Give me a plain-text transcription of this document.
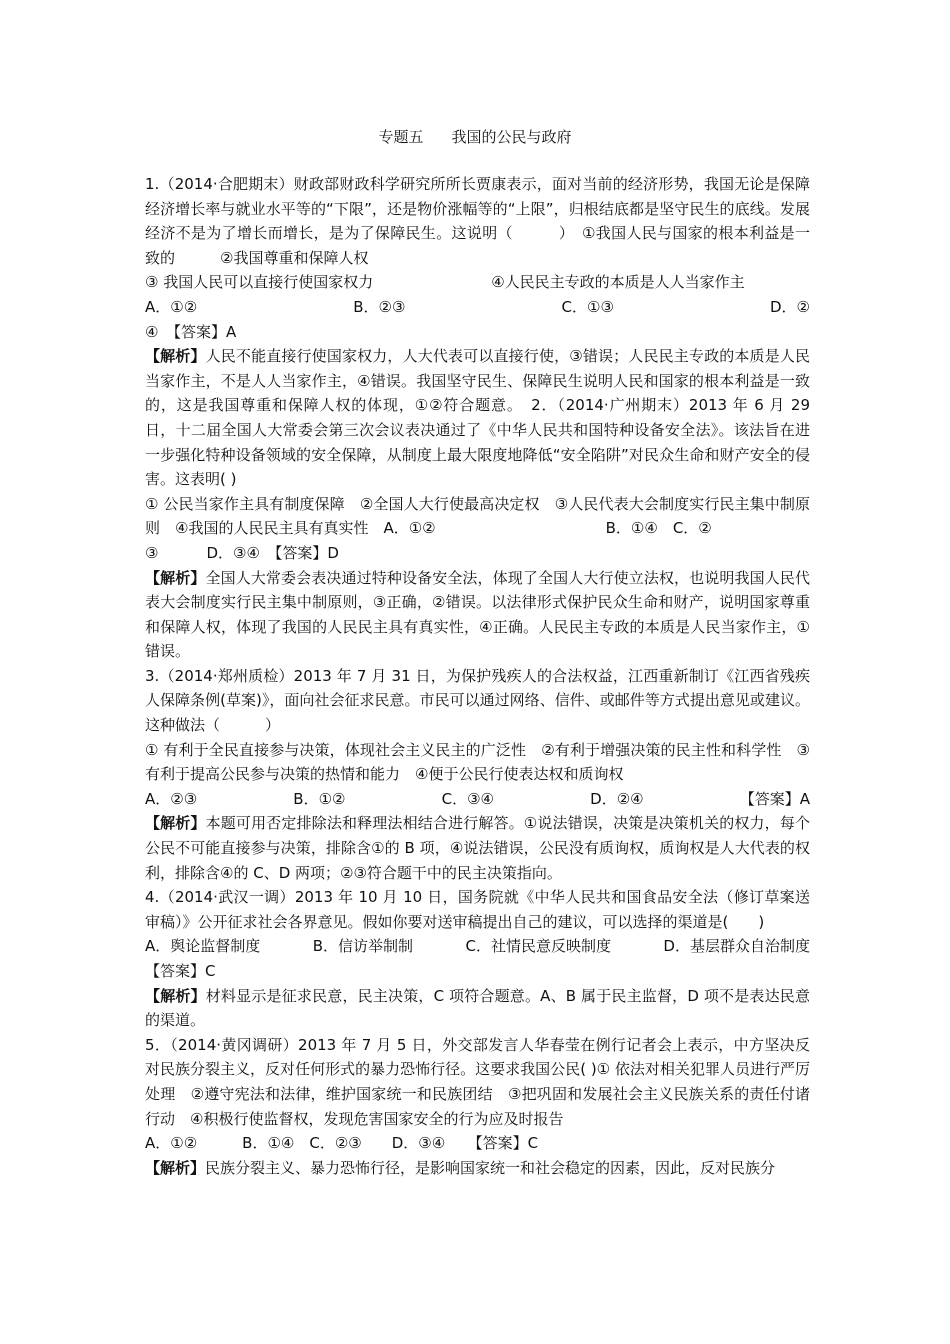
专题五 我国的公民与政府

1.（2014·合肥期末）财政部财政科学研究所所长贾康表示，面对当前的经济形势，我国无论是保障经济增长率与就业水平等的“下限”，还是物价涨幅等的“上限”，归根结底都是坚守民生的底线。发展经济不是为了增长而增长，是为了保障民生。这说明（　　　）　①我国人民与国家的根本利益是一致的　　　②我国尊重和保障人权

③ 我国人民可以直接行使国家权力	④人民民主专政的本质是人人当家作主
A．①②	B．②③	C．①③	D．②

④　【答案】A

【解析】人民不能直接行使国家权力，人大代表可以直接行使，③错误；人民民主专政的本质是人民当家作主，不是人人当家作主，④错误。我国坚守民生、保障民生说明人民和国家的根本利益是一致的，这是我国尊重和保障人权的体现，①②符合题意。　2．（2014·广州期末）2013 年 6 月 29 日，十二届全国人大常委会第三次会议表决通过了《中华人民共和国特种设备安全法》。该法旨在进一步强化特种设备领域的安全保障，从制度上最大限度地降低“安全陷阱”对民众生命和财产安全的侵害。这表明( )

① 公民当家作主具有制度保障　②全国人大行使最高决定权　③人民代表大会制度实行民主集中制原则　④我国的人民民主具有真实性　A．①②	B．①④　 C．②

③	D．③④　 【答案】D

【解析】全国人大常委会表决通过特种设备安全法，体现了全国人大行使立法权，也说明我国人民代表大会制度实行民主集中制原则，③正确，②错误。以法律形式保护民众生命和财产，说明国家尊重和保障人权，体现了我国的人民民主具有真实性，④正确。人民民主专政的本质是人民当家作主，①错误。

3.（2014·郑州质检）2013 年 7 月 31 日，为保护残疾人的合法权益，江西重新制订《江西省残疾人保障条例(草案)》，面向社会征求民意。市民可以通过网络、信件、或邮件等方式提出意见或建议。这种做法（　　　）

① 有利于全民直接参与决策，体现社会主义民主的广泛性　②有利于增强决策的民主性和科学性　③有利于提高公民参与决策的热情和能力　④便于公民行使表达权和质询权

A．②③	B．①②	C．③④	D．②④	【答案】A

【解析】本题可用否定排除法和释理法相结合进行解答。①说法错误，决策是决策机关的权力，每个公民不可能直接参与决策，排除含①的 B 项，④说法错误，公民没有质询权，质询权是人大代表的权利，排除含④的 C、D 两项；②③符合题干中的民主决策指向。

4.（2014·武汉一调）2013 年 10 月 10 日，国务院就《中华人民共和国食品安全法（修订草案送审稿）》公开征求社会各界意见。假如你要对送审稿提出自己的建议，可以选择的渠道是(　　)

A．舆论监督制度	B．信访举制制	C．社情民意反映制度	D．基层群众自治制度

【答案】C

【解析】材料显示是征求民意，民主决策，C 项符合题意。A、B 属于民主监督，D 项不是表达民意的渠道。

5．（2014·黄冈调研）2013 年 7 月 5 日，外交部发言人华春莹在例行记者会上表示，中方坚决反对民族分裂主义，反对任何形式的暴力恐怖行径。这要求我国公民( )① 依法对相关犯罪人员进行严厉处理　②遵守宪法和法律，维护国家统一和民族团结　③把巩固和发展社会主义民族关系的责任付诸行动　④积极行使监督权，发现危害国家安全的行为应及时报告

A．①②　　　B．①④　C．②③　　D．③④　　【答案】C

【解析】民族分裂主义、暴力恐怖行径，是影响国家统一和社会稳定的因素，因此，反对民族分
